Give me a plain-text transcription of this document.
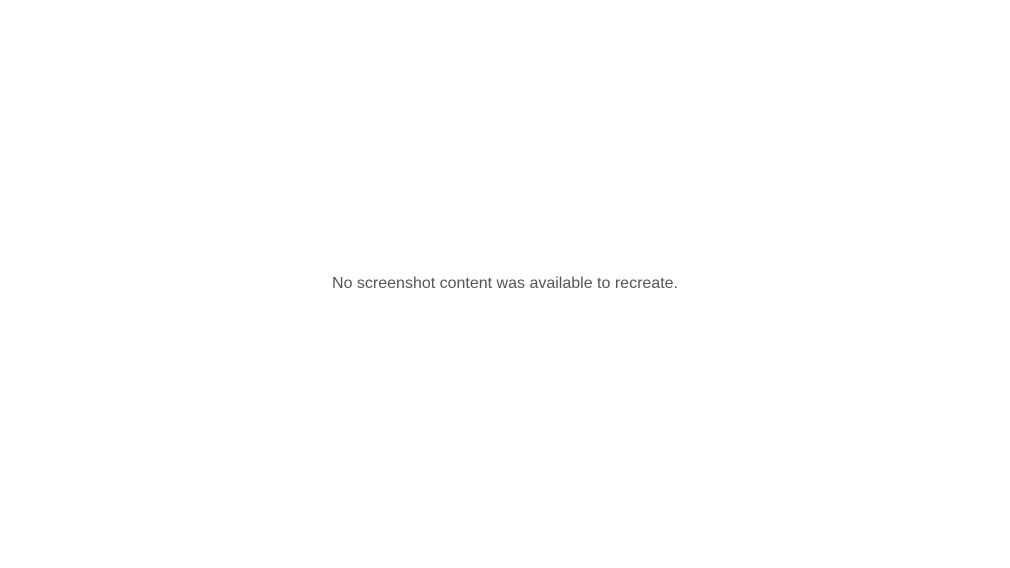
No screenshot content was available to recreate.
